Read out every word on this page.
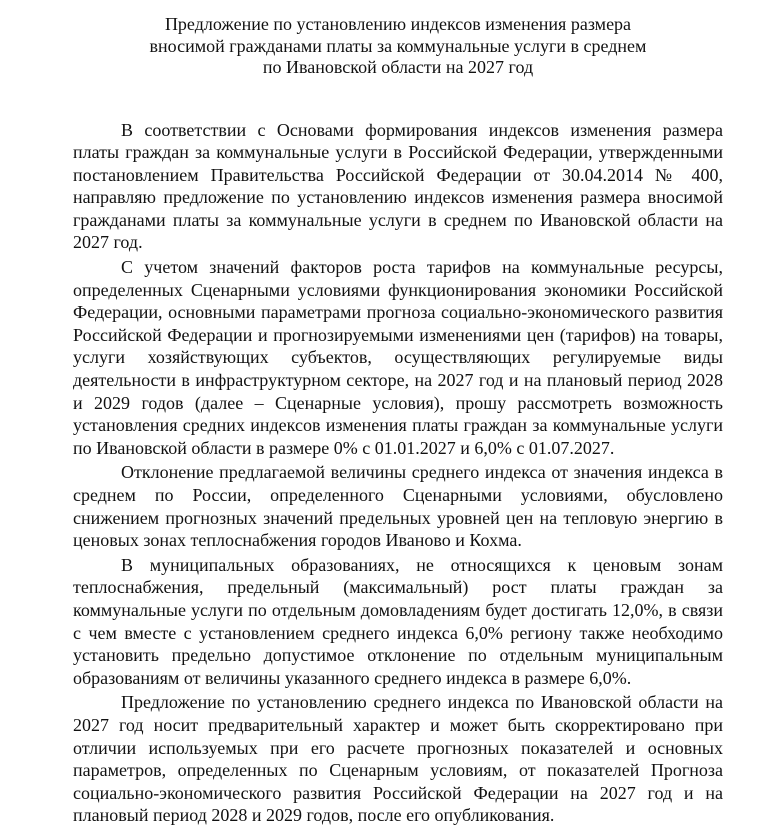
Предложение по установлению индексов изменения размера
вносимой гражданами платы за коммунальные услуги в среднем
по Ивановской области на 2027 год

В соответствии с Основами формирования индексов изменения размера платы граждан за коммунальные услуги в Российской Федерации, утвержденными постановлением Правительства Российской Федерации от 30.04.2014 № 400, направляю предложение по установлению индексов изменения размера вносимой гражданами платы за коммунальные услуги в среднем по Ивановской области на 2027 год.

С учетом значений факторов роста тарифов на коммунальные ресурсы, определенных Сценарными условиями функционирования экономики Российской Федерации, основными параметрами прогноза социально-экономического развития Российской Федерации и прогнозируемыми изменениями цен (тарифов) на товары, услуги хозяйствующих субъектов, осуществляющих регулируемые виды деятельности в инфраструктурном секторе, на 2027 год и на плановый период 2028 и 2029 годов (далее – Сценарные условия), прошу рассмотреть возможность установления средних индексов изменения платы граждан за коммунальные услуги по Ивановской области в размере 0% с 01.01.2027 и 6,0% с 01.07.2027.

Отклонение предлагаемой величины среднего индекса от значения индекса в среднем по России, определенного Сценарными условиями, обусловлено снижением прогнозных значений предельных уровней цен на тепловую энергию в ценовых зонах теплоснабжения городов Иваново и Кохма.

В муниципальных образованиях, не относящихся к ценовым зонам теплоснабжения, предельный (максимальный) рост платы граждан за коммунальные услуги по отдельным домовладениям будет достигать 12,0%, в связи с чем вместе с установлением среднего индекса 6,0% региону также необходимо установить предельно допустимое отклонение по отдельным муниципальным образованиям от величины указанного среднего индекса в размере 6,0%.

Предложение по установлению среднего индекса по Ивановской области на 2027 год носит предварительный характер и может быть скорректировано при отличии используемых при его расчете прогнозных показателей и основных параметров, определенных по Сценарным условиям, от показателей Прогноза социально-экономического развития Российской Федерации на 2027 год и на плановый период 2028 и 2029 годов, после его опубликования.
